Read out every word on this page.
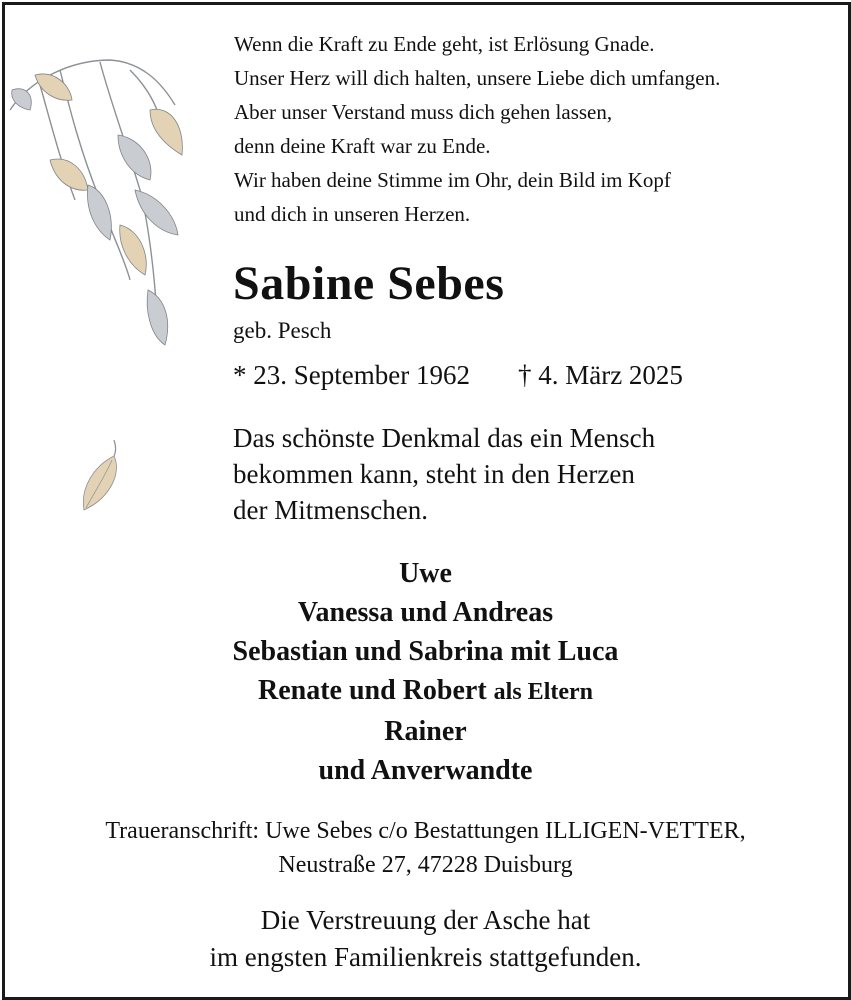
Wenn die Kraft zu Ende geht, ist Erlösung Gnade.
Unser Herz will dich halten, unsere Liebe dich umfangen.
Aber unser Verstand muss dich gehen lassen,
denn deine Kraft war zu Ende.
Wir haben deine Stimme im Ohr, dein Bild im Kopf
und dich in unseren Herzen.
Sabine Sebes
geb. Pesch
* 23. September 1962 † 4. März 2025
Das schönste Denkmal das ein Mensch
bekommen kann, steht in den Herzen
der Mitmenschen.
Uwe
Vanessa und Andreas
Sebastian und Sabrina mit Luca
Renate und Robert als Eltern
Rainer
und Anverwandte
Traueranschrift: Uwe Sebes c/o Bestattungen ILLIGEN-VETTER,
Neustraße 27, 47228 Duisburg
Die Verstreuung der Asche hat
im engsten Familienkreis stattgefunden.
